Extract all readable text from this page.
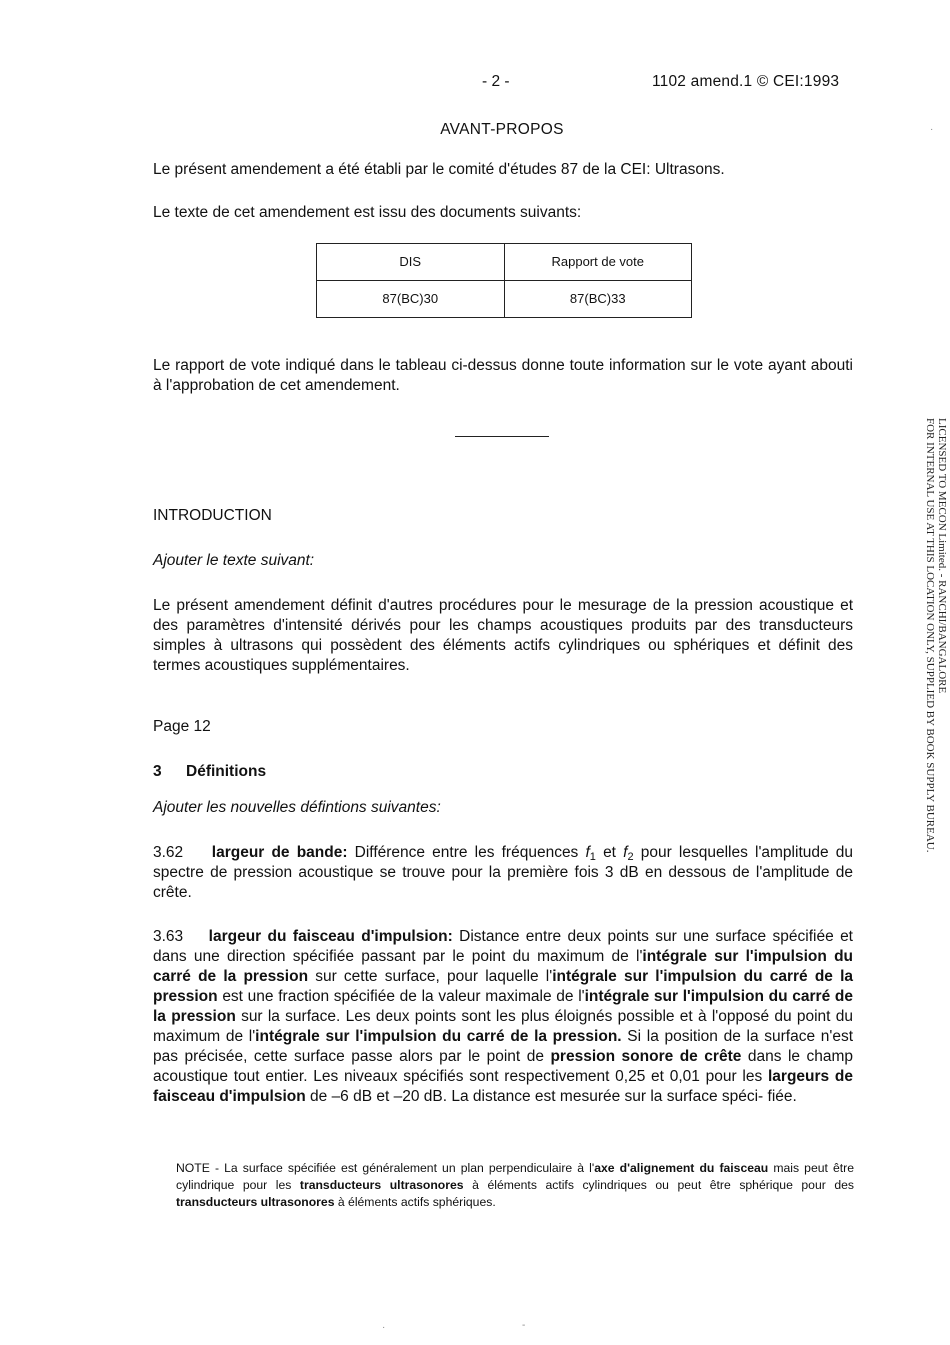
- 2 -	1102 amend.1 © CEI:1993
AVANT-PROPOS
Le présent amendement a été établi par le comité d'études 87 de la CEI: Ultrasons.
Le texte de cet amendement est issu des documents suivants:
DIS	Rapport de vote
87(BC)30	87(BC)33
Le rapport de vote indiqué dans le tableau ci-dessus donne toute information sur le vote ayant abouti à l'approbation de cet amendement.
INTRODUCTION
Ajouter le texte suivant:
Le présent amendement définit d'autres procédures pour le mesurage de la pression acoustique et des paramètres d'intensité dérivés pour les champs acoustiques produits par des transducteurs simples à ultrasons qui possèdent des éléments actifs cylindriques ou sphériques et définit des termes acoustiques supplémentaires.
Page 12
3 Définitions
Ajouter les nouvelles défintions suivantes:
3.62 largeur de bande: Différence entre les fréquences $f_1$ et $f_2$ pour lesquelles l'amplitude du spectre de pression acoustique se trouve pour la première fois 3 dB en dessous de l'amplitude de crête.
3.63 largeur du faisceau d'impulsion: Distance entre deux points sur une surface spécifiée et dans une direction spécifiée passant par le point du maximum de l'intégrale sur l'impulsion du carré de la pression sur cette surface, pour laquelle l'intégrale sur l'impulsion du carré de la pression est une fraction spécifiée de la valeur maximale de l'intégrale sur l'impulsion du carré de la pression sur la surface. Les deux points sont les plus éloignés possible et à l'opposé du point du maximum de l'intégrale sur l'impulsion du carré de la pression. Si la position de la surface n'est pas précisée, cette surface passe alors par le point de pression sonore de crête dans le champ acoustique tout entier. Les niveaux spécifiés sont respectivement 0,25 et 0,01 pour les largeurs de faisceau d'impulsion de –6 dB et –20 dB. La distance est mesurée sur la surface spéci- fiée.
NOTE - La surface spécifiée est généralement un plan perpendiculaire à l'axe d'alignement du faisceau mais peut être cylindrique pour les transducteurs ultrasonores à éléments actifs cylindriques ou peut être sphérique pour des transducteurs ultrasonores à éléments actifs sphériques.
LICENSED TO MECON Limited. - RANCHI/BANGALORE
FOR INTERNAL USE AT THIS LOCATION ONLY, SUPPLIED BY BOOK SUPPLY BUREAU.
·
·	-
